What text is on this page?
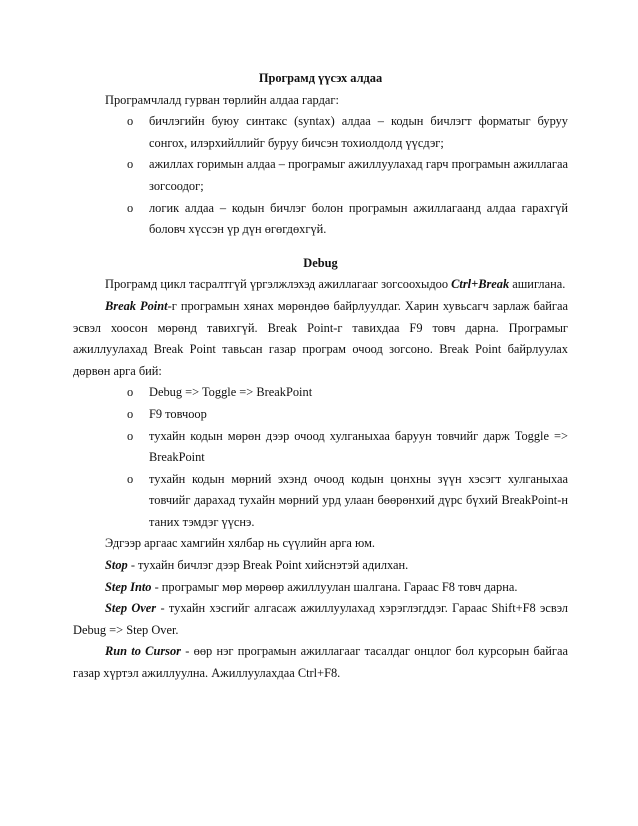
Програмд үүсэх алдаа

Програмчлалд гурван төрлийн алдаа гардаг:

o бичлэгийн буюу синтакс (syntax) алдаа – кодын бичлэгт форматыг буруу сонгох, илэрхийллийг буруу бичсэн тохиолдолд үүсдэг;
o ажиллах горимын алдаа – програмыг ажиллуулахад гарч програмын ажиллагаа зогсоодог;
o логик алдаа – кодын бичлэг болон програмын ажиллагаанд алдаа гарахгүй боловч хүссэн үр дүн өгөгдөхгүй.
Debug

Програмд цикл тасралтгүй үргэлжлэхэд ажиллагааг зогсоохыдоо Ctrl+Break ашиглана.

Break Point-г програмын хянах мөрөндөө байрлуулдаг. Харин хувьсагч зарлаж байгаа эсвэл хоосон мөрөнд тавихгүй. Break Point-г тавихдаа F9 товч дарна. Програмыг ажиллуулахад Break Point тавьсан газар програм очоод зогсоно. Break Point байрлуулах дөрвөн арга бий:

o Debug => Toggle => BreakPoint
o F9 товчоор
o тухайн кодын мөрөн дээр очоод хулганыхаа баруун товчийг дарж Toggle => BreakPoint
o тухайн кодын мөрний эхэнд очоод кодын цонхны зүүн хэсэгт хулганыхаа товчийг дарахад тухайн мөрний урд улаан бөөрөнхий дүрс бүхий BreakPoint-н таних тэмдэг үүснэ.

Эдгээр аргаас хамгийн хялбар нь сүүлийн арга юм.

Stop - тухайн бичлэг дээр Break Point хийснэтэй адилхан.

Step Into - програмыг мөр мөрөөр ажиллуулан шалгана. Гараас F8 товч дарна.

Step Over - тухайн хэсгийг алгасаж ажиллуулахад хэрэглэгддэг. Гараас Shift+F8 эсвэл Debug => Step Over.

Run to Cursor - өөр нэг програмын ажиллагааг тасалдаг онцлог бол курсорын байгаа газар хүртэл ажиллуулна. Ажиллуулахдаа Ctrl+F8.
